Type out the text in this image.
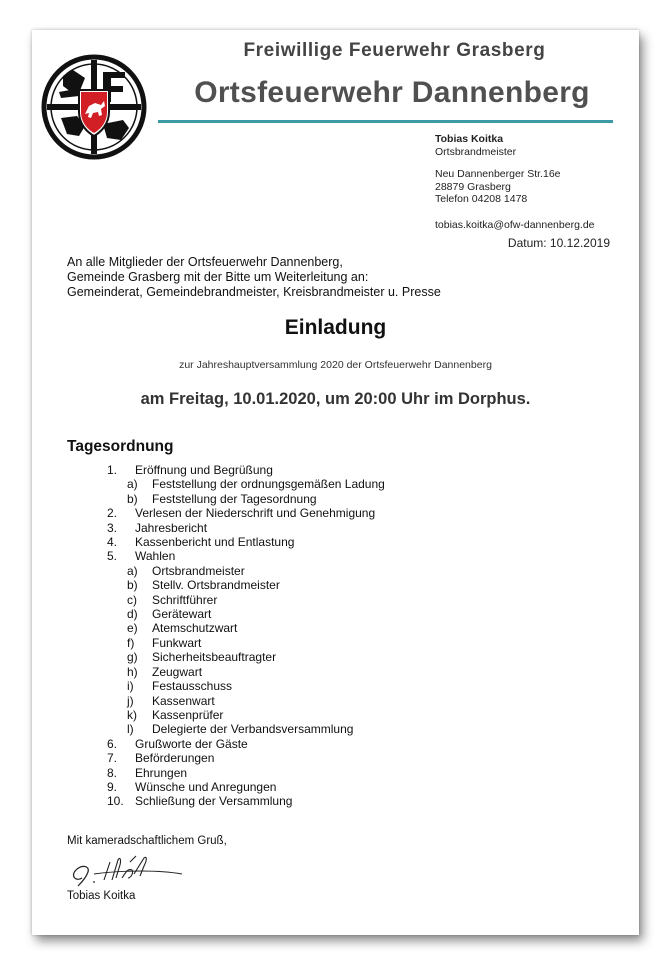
Freiwillige Feuerwehr Grasberg
Ortsfeuerwehr Dannenberg
Tobias Koitka
Ortsbrandmeister
Neu Dannenberger Str.16e
28879 Grasberg
Telefon 04208 1478
tobias.koitka@ofw-dannenberg.de
Datum: 10.12.2019
An alle Mitglieder der Ortsfeuerwehr Dannenberg,
Gemeinde Grasberg mit der Bitte um Weiterleitung an:
Gemeinderat, Gemeindebrandmeister, Kreisbrandmeister u. Presse
Einladung
zur Jahreshauptversammlung 2020 der Ortsfeuerwehr Dannenberg
am Freitag, 10.01.2020, um 20:00 Uhr im Dorphus.
Tagesordnung
1.	Eröffnung und Begrüßung
a)	Feststellung der ordnungsgemäßen Ladung
b)	Feststellung der Tagesordnung
2.	Verlesen der Niederschrift und Genehmigung
3.	Jahresbericht
4.	Kassenbericht und Entlastung
5.	Wahlen
a)	Ortsbrandmeister
b)	Stellv. Ortsbrandmeister
c)	Schriftführer
d)	Gerätewart
e)	Atemschutzwart
f)	Funkwart
g)	Sicherheitsbeauftragter
h)	Zeugwart
i)	Festausschuss
j)	Kassenwart
k)	Kassenprüfer
l)	Delegierte der Verbandsversammlung
6.	Grußworte der Gäste
7.	Beförderungen
8.	Ehrungen
9.	Wünsche und Anregungen
10. Schließung der Versammlung
Mit kameradschaftlichem Gruß,
Tobias Koitka
